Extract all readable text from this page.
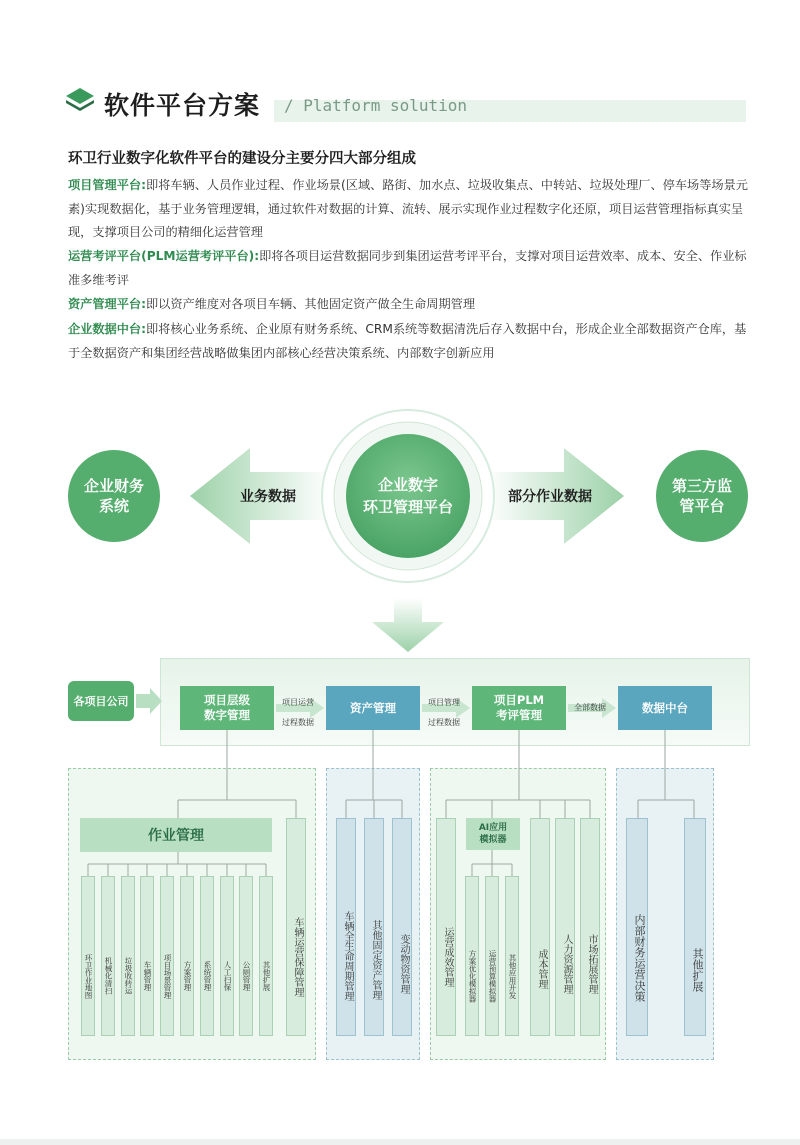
软件平台方案 / Platform solution
环卫行业数字化软件平台的建设分主要分四大部分组成
项目管理平台:即将车辆、人员作业过程、作业场景(区域、路街、加水点、垃圾收集点、中转站、垃圾处理厂、停车场等场景元素)实现数据化，基于业务管理逻辑，通过软件对数据的计算、流转、展示实现作业过程数字化还原，项目运营管理指标真实呈现，支撑项目公司的精细化运营管理
运营考评平台(PLM运营考评平台):即将各项目运营数据同步到集团运营考评平台，支撑对项目运营效率、成本、安全、作业标准多维考评
资产管理平台:即以资产维度对各项目车辆、其他固定资产做全生命周期管理
企业数据中台:即将核心业务系统、企业原有财务系统、CRM系统等数据清洗后存入数据中台，形成企业全部数据资产仓库，基于全数据资产和集团经营战略做集团内部核心经营决策系统、内部数字创新应用
企业财务
系统
第三方监
管平台
企业数字
环卫管理平台
业务数据	部分作业数据
各项目公司	项目层级
数字管理	资产管理
项目PLM
考评管理	数据中台
项目运营
过程数据
项目管理
过程数据
全部数据
作业管理
车辆运营保障管理
环卫作业地图	机械化清扫	垃圾收转运	车辆管理	项目场景管理	方案管理	系统管理	人工扫保	公厕管理	其他扩展	车辆全生命周期管理	其他固定资产管理	变动物资管理	运营成效管理
AI应用
模拟器
方案优化模拟器	运营预算模拟器	其他应用开发	成本管理	人力资源管理	市场拓展管理	内部财务运营决策	其他扩展
